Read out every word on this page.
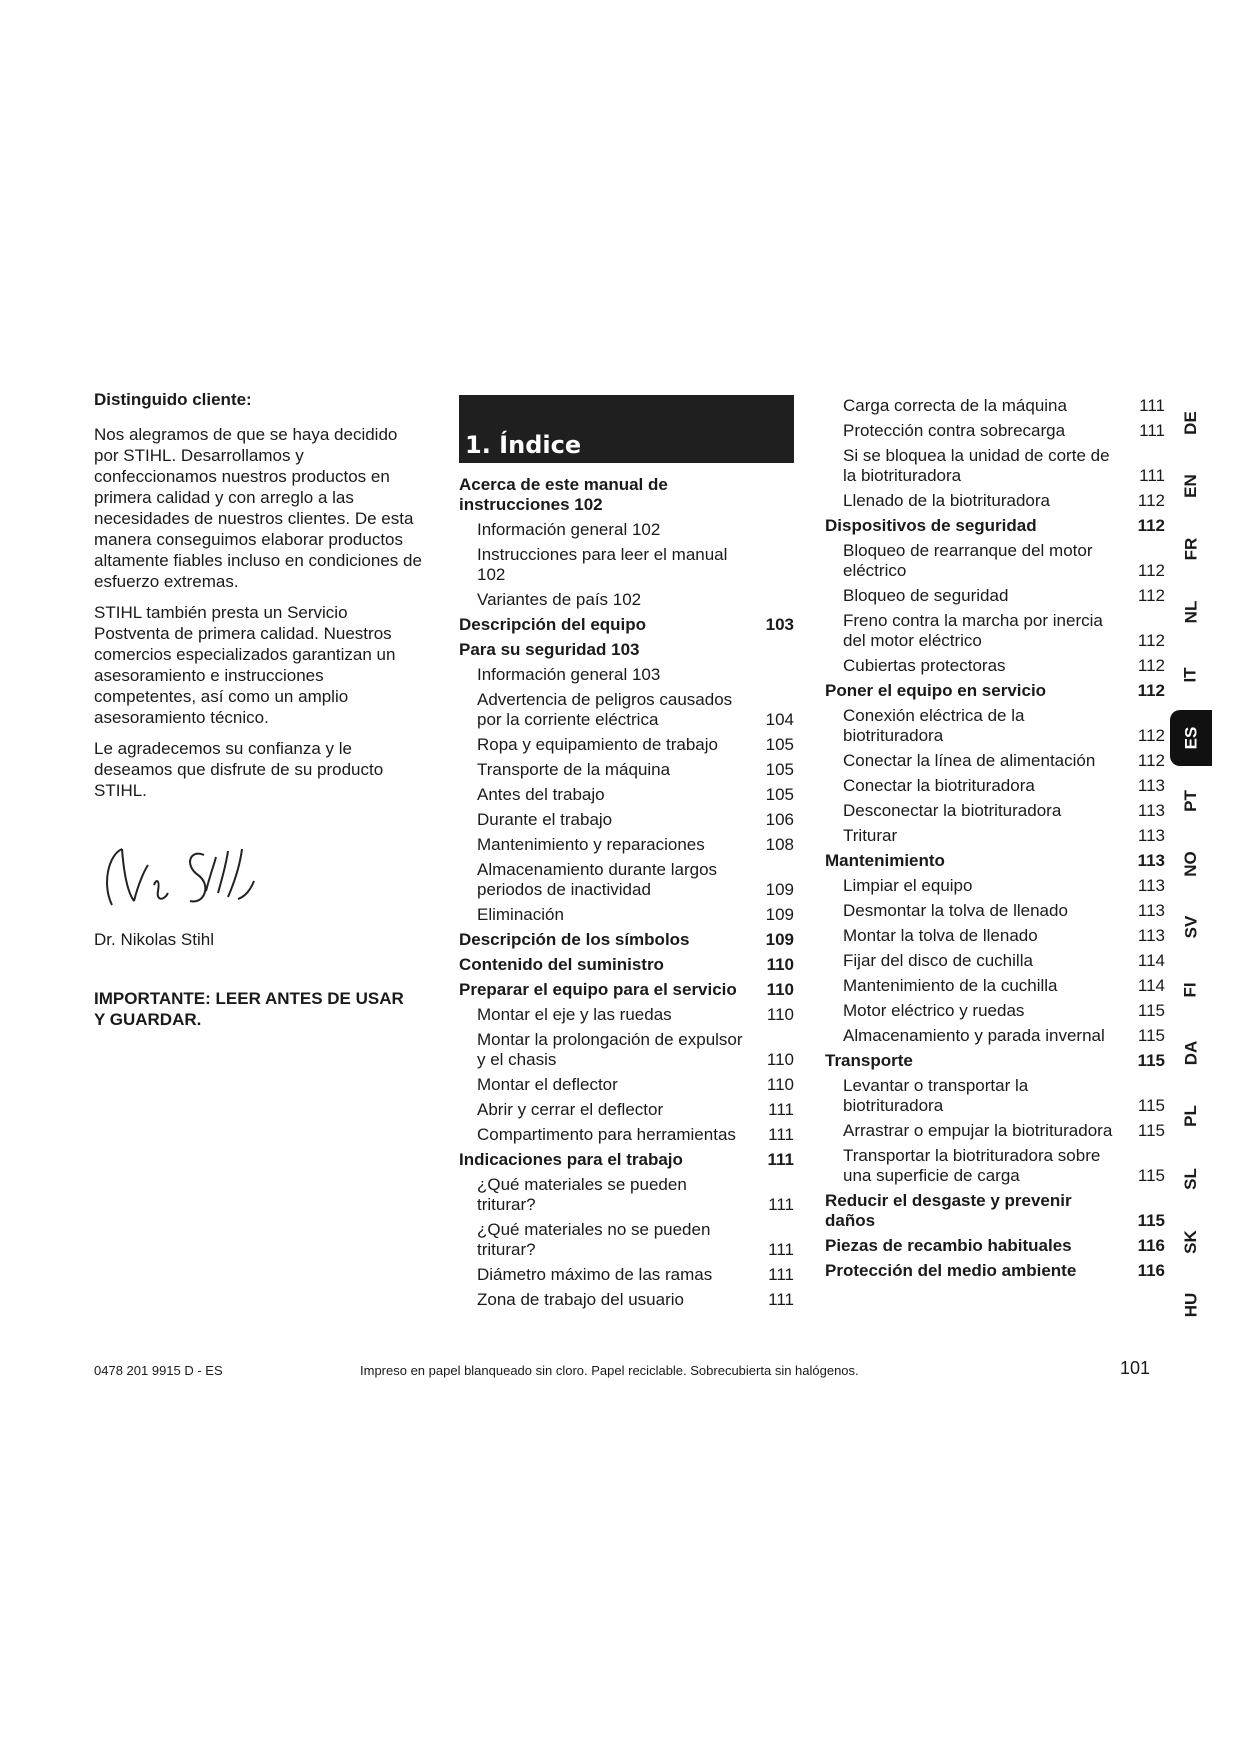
Distinguido cliente:

Nos alegramos de que se haya decidido por STIHL. Desarrollamos y confeccionamos nuestros productos en primera calidad y con arreglo a las necesidades de nuestros clientes. De esta manera conseguimos elaborar productos altamente fiables incluso en condiciones de esfuerzo extremas.

STIHL también presta un Servicio Postventa de primera calidad. Nuestros comercios especializados garantizan un asesoramiento e instrucciones competentes, así como un amplio asesoramiento técnico.

Le agradecemos su confianza y le deseamos que disfrute de su producto STIHL.

Dr. Nikolas Stihl
IMPORTANTE: LEER ANTES DE USAR
Y GUARDAR.
1. Índice
Acerca de este manual de instrucciones 102
Información general 102
Instrucciones para leer el manual 102
Variantes de país 102
Descripción del equipo	103
Para su seguridad 103
Información general 103
Advertencia de peligros causados por la corriente eléctrica	104
Ropa y equipamiento de trabajo	105
Transporte de la máquina	105
Antes del trabajo	105
Durante el trabajo	106
Mantenimiento y reparaciones	108
Almacenamiento durante largos periodos de inactividad	109
Eliminación	109
Descripción de los símbolos	109
Contenido del suministro	110
Preparar el equipo para el servicio	110
Montar el eje y las ruedas	110
Montar la prolongación de expulsor y el chasis	110
Montar el deflector	110
Abrir y cerrar el deflector	111
Compartimento para herramientas	111
Indicaciones para el trabajo	111
¿Qué materiales se pueden triturar?	111
¿Qué materiales no se pueden triturar?	111
Diámetro máximo de las ramas	111
Zona de trabajo del usuario	111
Carga correcta de la máquina	111
Protección contra sobrecarga	111
Si se bloquea la unidad de corte de la biotrituradora	111
Llenado de la biotrituradora	112
Dispositivos de seguridad	112
Bloqueo de rearranque del motor eléctrico	112
Bloqueo de seguridad	112
Freno contra la marcha por inercia del motor eléctrico	112
Cubiertas protectoras	112
Poner el equipo en servicio	112
Conexión eléctrica de la biotrituradora	112
Conectar la línea de alimentación	112
Conectar la biotrituradora	113
Desconectar la biotrituradora	113
Triturar	113
Mantenimiento	113
Limpiar el equipo	113
Desmontar la tolva de llenado	113
Montar la tolva de llenado	113
Fijar del disco de cuchilla	114
Mantenimiento de la cuchilla	114
Motor eléctrico y ruedas	115
Almacenamiento y parada invernal	115
Transporte	115
Levantar o transportar la biotrituradora	115
Arrastrar o empujar la biotrituradora	115
Transportar la biotrituradora sobre una superficie de carga	115
Reducir el desgaste y prevenir daños	115
Piezas de recambio habituales	116
Protección del medio ambiente	116
DE
EN
FR
NL
IT
ES
PT
NO
SV
FI
DA
PL
SL
SK
HU
0478 201 9915 D - ES	Impreso en papel blanqueado sin cloro. Papel reciclable. Sobrecubierta sin halógenos.	101
